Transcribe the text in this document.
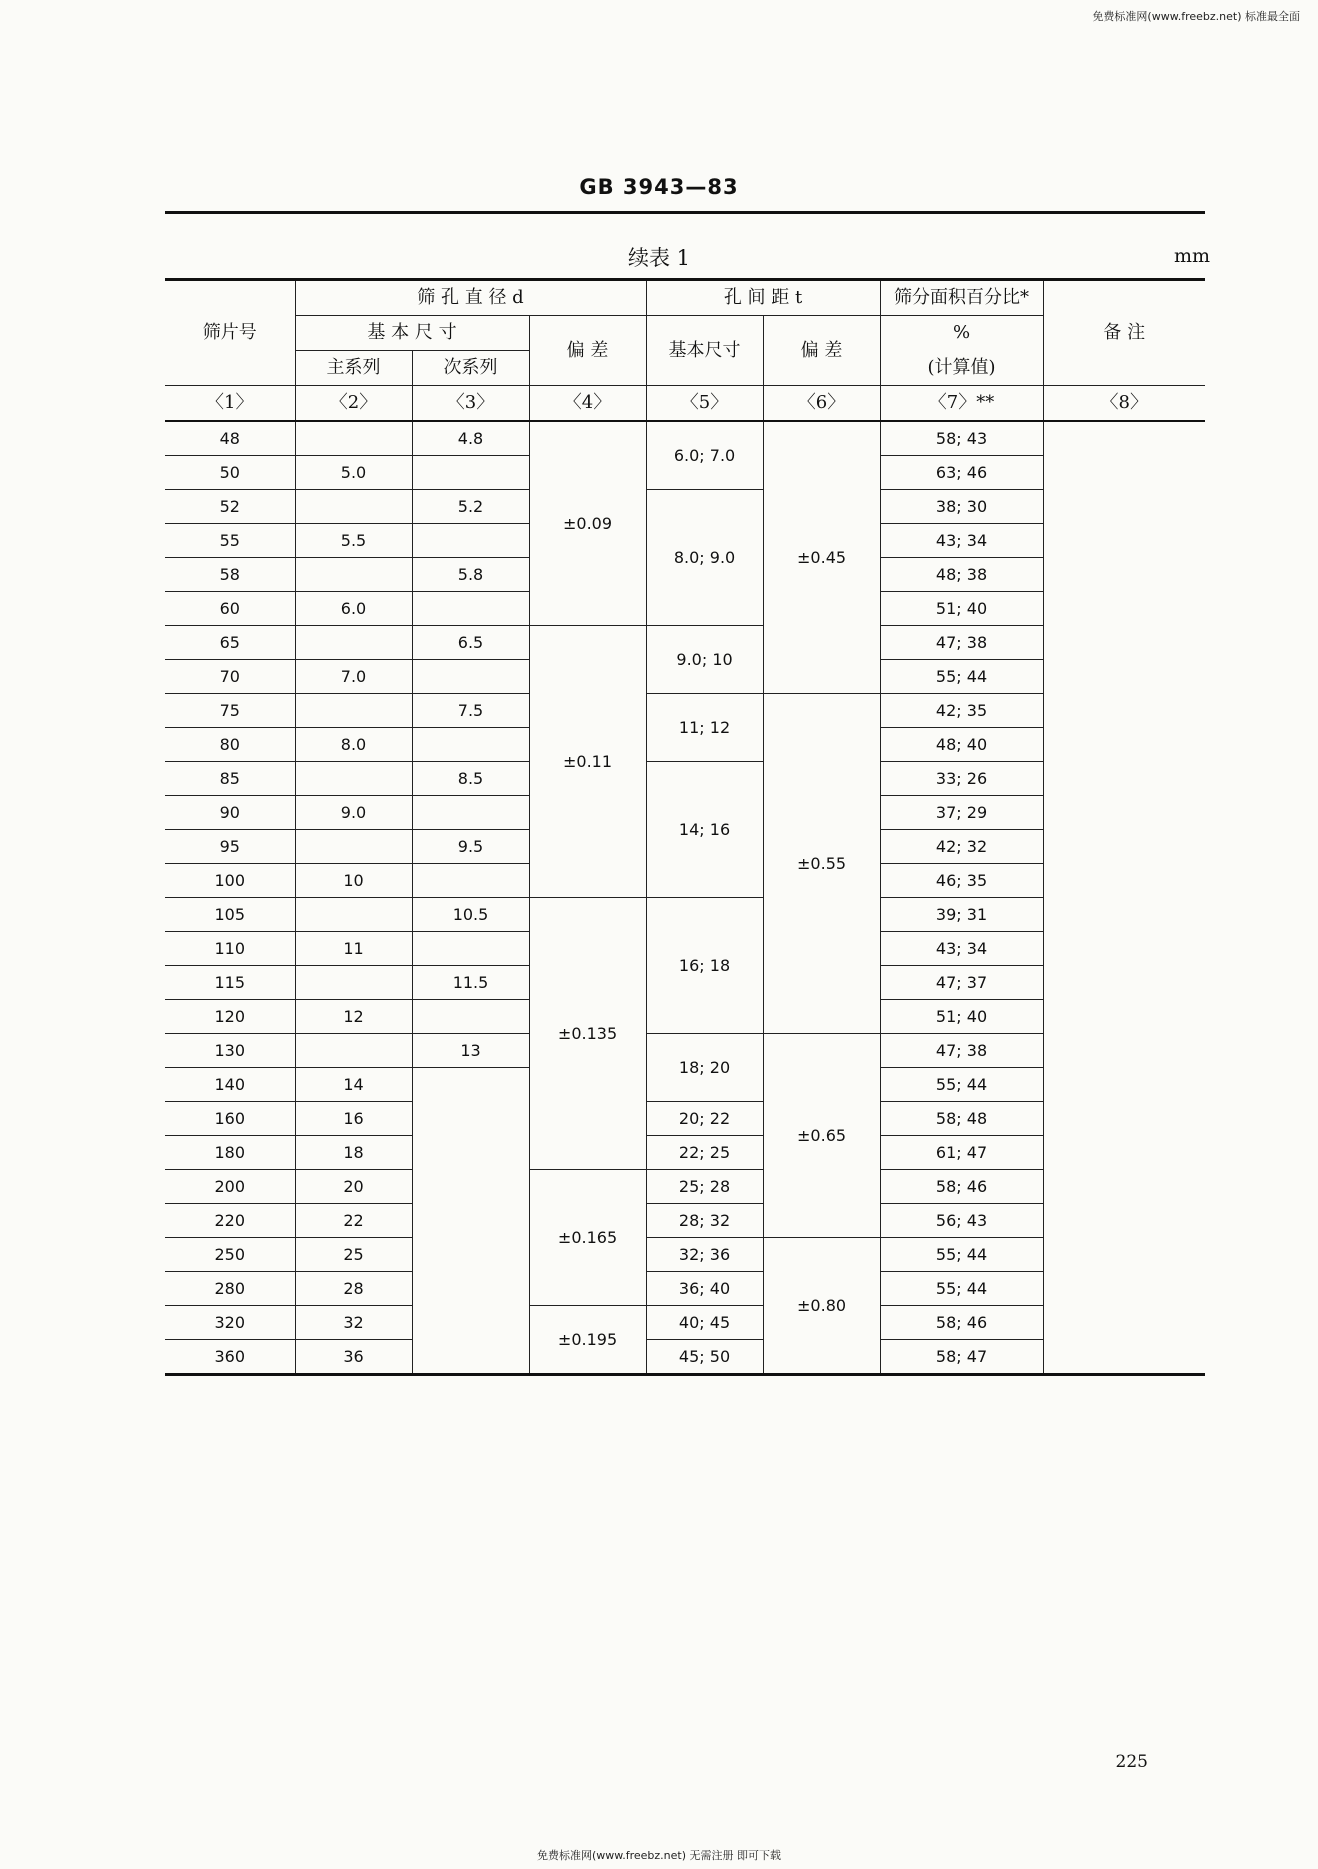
免费标准网(www.freebz.net) 标准最全面
GB 3943—83
续表 1	mm
筛片号	筛 孔 直 径 d			孔 间 距 t		筛分面积百分比*	备 注
	基 本 尺 寸		偏 差	基本尺寸	偏 差	%	
	主系列	次系列				(计算值)	
〈1〉	〈2〉	〈3〉	〈4〉	〈5〉	〈6〉	〈7〉**	〈8〉
48		4.8	±0.09	6.0; 7.0	±0.45	58; 43	
50	5.0					63; 46	
52		5.2		8.0; 9.0		38; 30	
55	5.5					43; 34	
58		5.8				48; 38	
60	6.0					51; 40	
65		6.5	±0.11	9.0; 10		47; 38	
70	7.0					55; 44	
75		7.5		11; 12	±0.55	42; 35	
80	8.0					48; 40	
85		8.5		14; 16		33; 26	
90	9.0					37; 29	
95		9.5				42; 32	
100	10					46; 35	
105		10.5	±0.135	16; 18		39; 31	
110	11					43; 34	
115		11.5				47; 37	
120	12					51; 40	
130		13		18; 20	±0.65	47; 38	
140	14					55; 44	
160	16			20; 22		58; 48	
180	18			22; 25		61; 47	
200	20		±0.165	25; 28		58; 46	
220	22			28; 32		56; 43	
250	25			32; 36	±0.80	55; 44	
280	28			36; 40		55; 44	
320	32		±0.195	40; 45		58; 46	
360	36			45; 50		58; 47	
225
免费标准网(www.freebz.net) 无需注册 即可下载
